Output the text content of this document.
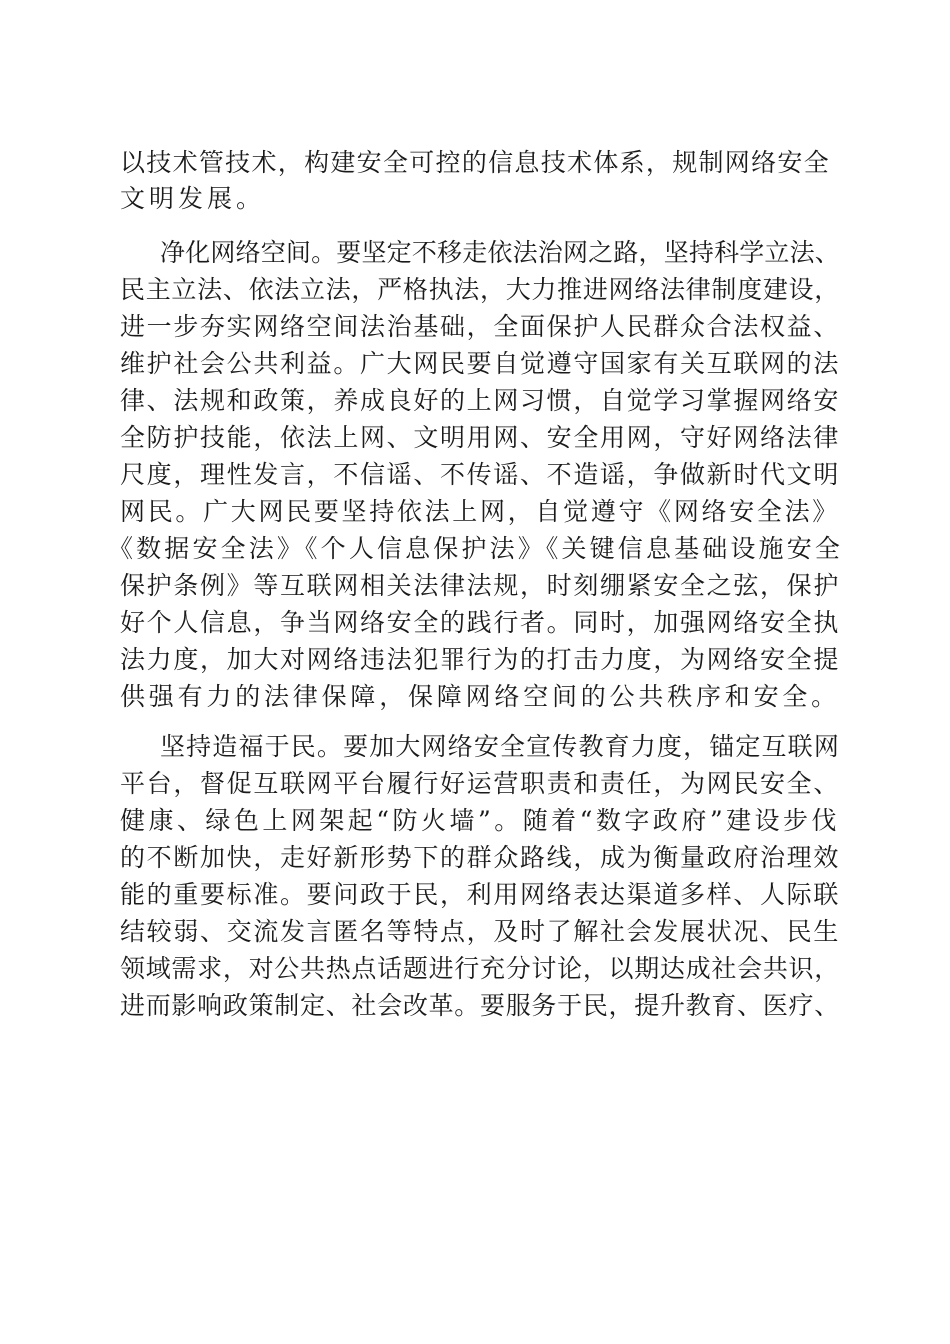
以技术管技术，构建安全可控的信息技术体系，规制网络安全
文明发展。
净化网络空间。要坚定不移走依法治网之路，坚持科学立法、
民主立法、依法立法，严格执法，大力推进网络法律制度建设，
进一步夯实网络空间法治基础，全面保护人民群众合法权益、
维护社会公共利益。广大网民要自觉遵守国家有关互联网的法
律、法规和政策，养成良好的上网习惯，自觉学习掌握网络安
全防护技能，依法上网、文明用网、安全用网，守好网络法律
尺度，理性发言，不信谣、不传谣、不造谣，争做新时代文明
网民。广大网民要坚持依法上网，自觉遵守《网络安全法》
《数据安全法》《个人信息保护法》《关键信息基础设施安全
保护条例》等互联网相关法律法规，时刻绷紧安全之弦，保护
好个人信息，争当网络安全的践行者。同时，加强网络安全执
法力度，加大对网络违法犯罪行为的打击力度，为网络安全提
供强有力的法律保障，保障网络空间的公共秩序和安全。
坚持造福于民。要加大网络安全宣传教育力度，锚定互联网
平台，督促互联网平台履行好运营职责和责任，为网民安全、
健康、绿色上网架起“防火墙”。随着“数字政府”建设步伐
的不断加快，走好新形势下的群众路线，成为衡量政府治理效
能的重要标准。要问政于民，利用网络表达渠道多样、人际联
结较弱、交流发言匿名等特点，及时了解社会发展状况、民生
领域需求，对公共热点话题进行充分讨论，以期达成社会共识，
进而影响政策制定、社会改革。要服务于民，提升教育、医疗、
